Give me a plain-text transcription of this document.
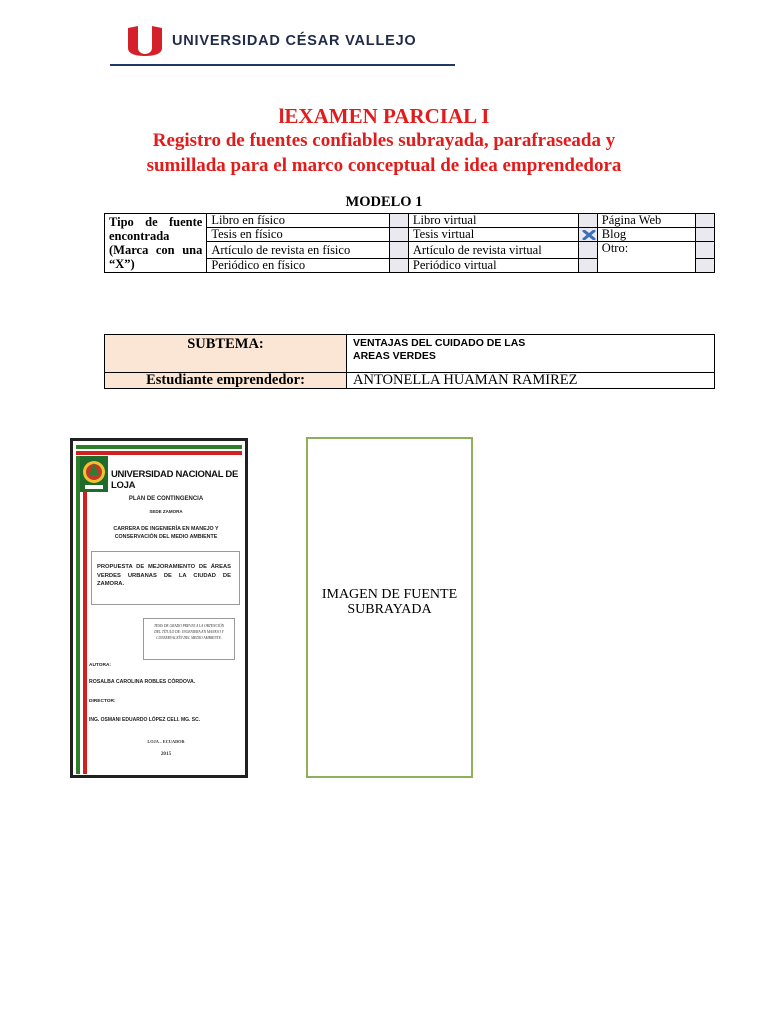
UNIVERSIDAD CÉSAR VALLEJO
lEXAMEN PARCIAL I
Registro de fuentes confiables subrayada, parafraseada y
sumillada para el marco conceptual de idea emprendedora
MODELO 1
Tipo de fuente encontrada (Marca con una “X”)	Libro en físico		Libro virtual		Página Web	
	Tesis en físico		Tesis virtual		Blog	
	Artículo de revista en físico		Artículo de revista virtual		Otro:	
	Periódico en físico		Periódico virtual			
SUBTEMA:	VENTAJAS DEL CUIDADO DE LAS
AREAS VERDES

Estudiante emprendedor:	ANTONELLA HUAMAN RAMIREZ
UNIVERSIDAD NACIONAL DE LOJA
PLAN DE CONTINGENCIA
SEDE ZAMORA
CARRERA DE INGENIERÍA EN MANEJO Y
CONSERVACIÓN DEL MEDIO AMBIENTE
PROPUESTA DE MEJORAMIENTO DE ÁREAS VERDES URBANAS DE LA CIUDAD DE ZAMORA.
TESIS DE GRADO PREVIO A LA OBTENCIÓN
DEL TÍTULO DE: INGENIERA EN MANEJO Y
CONSERVACIÓN DEL MEDIO AMBIENTE.
AUTORA:
ROSALBA CAROLINA ROBLES CÓRDOVA.
DIRECTOR:
ING. OSMANI EDUARDO LÓPEZ CELI. MG. SC.
LOJA – ECUADOR
2015
IMAGEN DE FUENTE
SUBRAYADA
